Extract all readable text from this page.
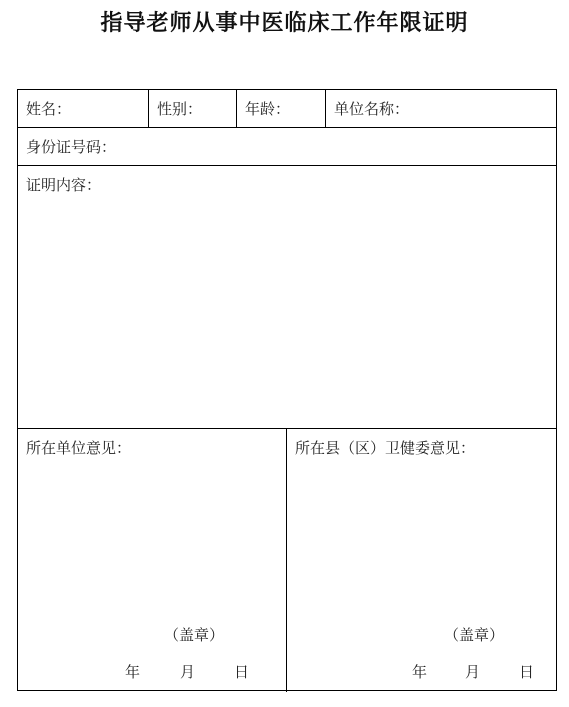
指导老师从事中医临床工作年限证明
姓名：	性别：	年龄：	单位名称：
身份证号码：
证明内容：
所在单位意见：
（盖章）
年	月	日
所在县（区）卫健委意见：
（盖章）
年	月	日
